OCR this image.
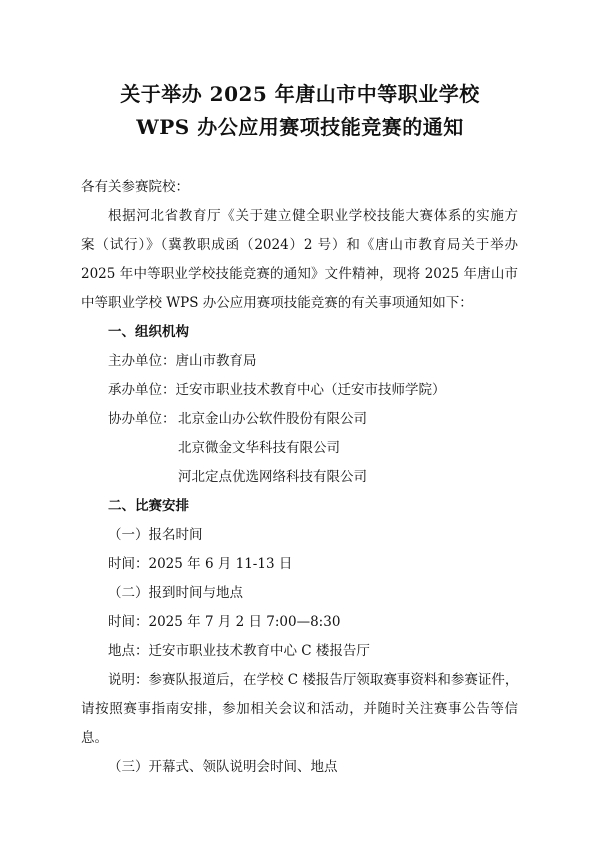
关于举办 2025 年唐山市中等职业学校
WPS 办公应用赛项技能竞赛的通知
各有关参赛院校：
根据河北省教育厅《关于建立健全职业学校技能大赛体系的实施方
案（试行）》（冀教职成函（2024）2 号）和《唐山市教育局关于举办
2025 年中等职业学校技能竞赛的通知》文件精神，现将 2025 年唐山市
中等职业学校 WPS 办公应用赛项技能竞赛的有关事项通知如下：
一、组织机构
主办单位：唐山市教育局
承办单位：迁安市职业技术教育中心（迁安市技师学院）
协办单位： 北京金山办公软件股份有限公司
北京微金文华科技有限公司
河北定点优选网络科技有限公司
二、比赛安排
（一）报名时间
时间：2025 年 6 月 11-13 日
（二）报到时间与地点
时间：2025 年 7 月 2 日 7:00—8:30
地点：迁安市职业技术教育中心 C 楼报告厅
说明：参赛队报道后，在学校 C 楼报告厅领取赛事资料和参赛证件，
请按照赛事指南安排，参加相关会议和活动，并随时关注赛事公告等信
息。
（三）开幕式、领队说明会时间、地点
